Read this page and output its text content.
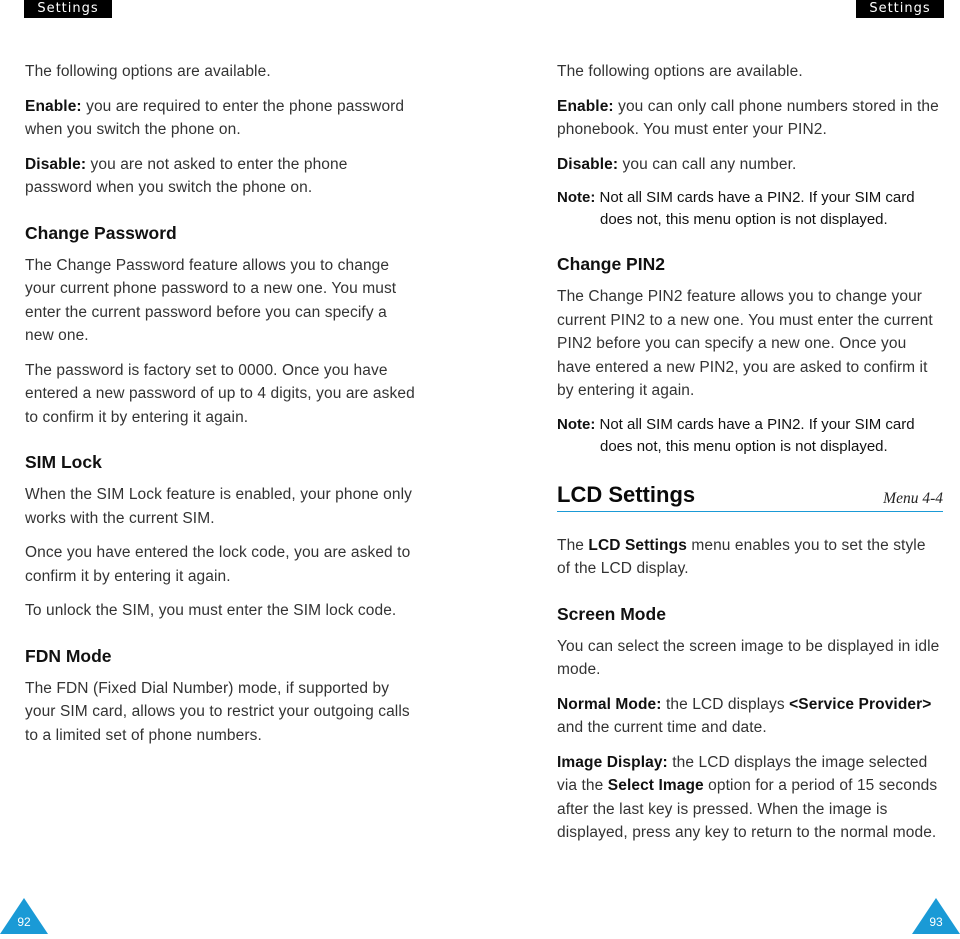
Settings	Settings

The following options are available.

Enable: you are required to enter the phone password when you switch the phone on.

Disable: you are not asked to enter the phone password when you switch the phone on.

Change Password

The Change Password feature allows you to change your current phone password to a new one. You must enter the current password before you can specify a new one.

The password is factory set to 0000. Once you have entered a new password of up to 4 digits, you are asked to confirm it by entering it again.

SIM Lock

When the SIM Lock feature is enabled, your phone only works with the current SIM.

Once you have entered the lock code, you are asked to confirm it by entering it again.

To unlock the SIM, you must enter the SIM lock code.

FDN Mode

The FDN (Fixed Dial Number) mode, if supported by your SIM card, allows you to restrict your outgoing calls to a limited set of phone numbers.

The following options are available.

Enable: you can only call phone numbers stored in the phonebook. You must enter your PIN2.

Disable: you can call any number.

Note: Not all SIM cards have a PIN2. If your SIM card
does not, this menu option is not displayed.

Change PIN2

The Change PIN2 feature allows you to change your current PIN2 to a new one. You must enter the current PIN2 before you can specify a new one. Once you have entered a new PIN2, you are asked to confirm it by entering it again.

Note: Not all SIM cards have a PIN2. If your SIM card
does not, this menu option is not displayed.

LCD Settings	Menu 4-4

The LCD Settings menu enables you to set the style of the LCD display.

Screen Mode

You can select the screen image to be displayed in idle mode.

Normal Mode: the LCD displays <Service Provider> and the current time and date.

Image Display: the LCD displays the image selected via the Select Image option for a period of 15 seconds after the last key is pressed. When the image is displayed, press any key to return to the normal mode.

92	93
